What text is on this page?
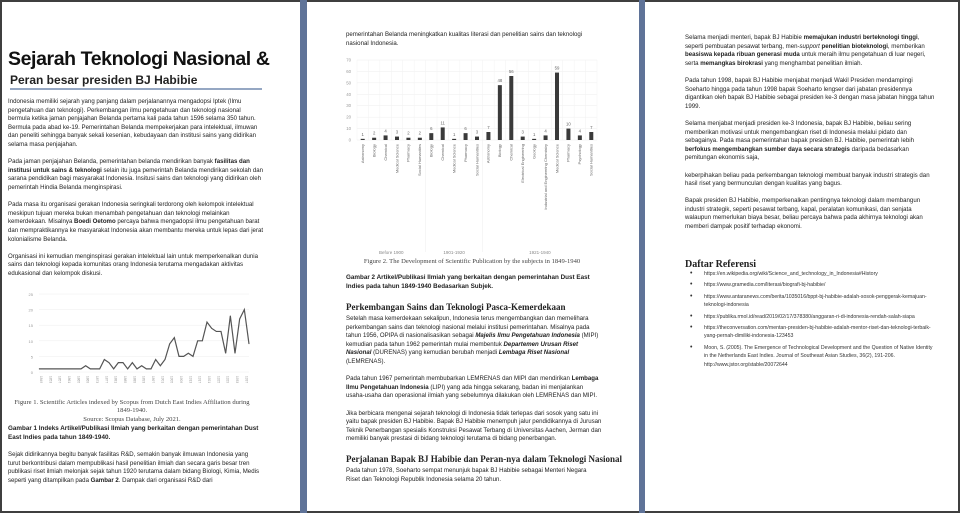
Sejarah Teknologi Nasional &
Peran besar presiden BJ Habibie

Indonesia memiliki sejarah yang panjang dalam perjalanannya mengadopsi Iptek (Ilmu pengetahuan dan teknologi). Perkembangan ilmu pengetahuan dan teknologi nasional bermula ketika jaman penjajahan Belanda pertama kali pada tahun 1596 selama 350 tahun. Bermula pada abad ke-19. Pemerintahan Belanda mempekerjakan para intelektual, ilmuwan dan peneliti sehingga banyak sekali kesenian, kebudayaan dan institusi sains yang didirikan selama masa penjajahan.

Pada jaman penjajahan Belanda, pemerintahan belanda mendirikan banyak fasilitas dan institusi untuk sains & teknologi selain itu juga pemerintah Belanda mendirikan sekolah dan sarana pendidikan bagi masyarakat Indonesia. Insitusi sains dan teknologi yang didirikan oleh pemerintah Hindia Belanda menginspirasi.

Pada masa itu organisasi gerakan Indonesia seringkali terdorong oleh kelompok intelektual meskipun tujuan mereka bukan menambah pengetahuan dan teknologi melainkan kemerdekaan. Misalnya Boedi Oetomo percaya bahwa mengadopsi ilmu pengetahuan barat dan mempraktikannya ke masyarakat Indonesia akan membantu mereka untuk lepas dari jerat kolonialisme Belanda.

Organisasi ini kemudian menginspirasi gerakan intelektual lain untuk memperkenalkan dunia sains dan teknologi kepada komunitas orang Indonesia terutama mengadakan aktivitas edukasional dan kelompok diskusi.

0
5
10
15
20
25
1849 1853 1857 1861 1865 1869 1873 1877 1881 1885 1889 1893 1897 1901 1905 1909 1913 1917 1921 1925 1929 1933 1937
Figure 1. Scientific Articles indexed by Scopus from Dutch East Indies Affiliation during 1849-1940.
Source: Scopus Database, July 2021.
Gambar 1 Indeks Artikel/Publikasi Ilmiah yang berkaitan dengan pemerintahan Dust East Indies pada tahun 1849-1940.

Sejak didirikannya begitu banyak fasilitas R&D, semakin banyak ilmuwan Indonesia yang turut berkontribusi dalam mempublikasi hasil penelitian ilmiah dan secara garis besar tren publikasi riset ilmiah melonjak sejak tahun 1920 terutama dalam bidang Biologi, Kimia, Medis seperti yang ditampilkan pada Gambar 2. Dampak dari organisasi R&D dari

pemerintahan Belanda meningkatkan kualitas literasi dan penelitian sains dan teknologi nasional Indonesia.
0
10
20
30
40
50
60
70
1
Astronomy
2
Biology
4
Chemical
3
Medical Science
2
Pharmacy
2
Social Humanities
6
Biology
11
Chemical
1
Medical Science
6
Pharmacy
3
Social Humanities
7
Astronomy
48
Biology
56
Chemical
3
Electrical Engineering
1
Geology
4
Industrial and Engineering Chemistry
59
Medical Science
10
Pharmacy
4
Psychology
7
Social Humanities
Before 1900	1901-1920	1921-1940
Figure 2. The Development of Scientific Publication by the subjects in 1849-1940
Gambar 2 Artikel/Publikasi Ilmiah yang berkaitan dengan pemerintahan Dust East Indies pada tahun 1849-1940 Bedasarkan Subjek.
Perkembangan Sains dan Teknologi Pasca-Kemerdekaan

Setelah masa kemerdekaan sekalipun, Indonesia terus mengembangkan dan memelihara perkembangan sains dan teknologi nasional melalui institusi pemerintahan. Misalnya pada tahun 1956, OPIPA di nasionalisasikan sebagai Majelis Ilmu Pengetahuan Indonesia (MIPI) kemudian pada tahun 1962 pemerintah mulai membentuk Departemen Urusan Riset Nasional (DURENAS) yang kemudian berubah menjadi Lembaga Riset Nasional (LEMRENAS).

Pada tahun 1967 pemerintah membubarkan LEMRENAS dan MIPI dan mendirikan Lembaga Ilmu Pengetahuan Indonesia (LIPI) yang ada hingga sekarang, badan ini menjalankan usaha-usaha dan operasional ilmiah yang sebelumnya dilakukan oleh LEMRENAS dan MIPI.

Jika berbicara mengenai sejarah teknologi di Indonesia tidak terlepas dari sosok yang satu ini yaitu bapak presiden BJ Habibie. Bapak BJ Habibie menempuh jalur pendidikannya di Jurusan Teknik Penerbangan spesialis Konstruksi Pesawat Terbang di Universitas Aachen, Jerman dan memiliki banyak prestasi di bidang teknologi terutama di bidang penerbangan.

Perjalanan Bapak BJ Habibie dan Peran-nya dalam Teknologi Nasional

Pada tahun 1978, Soeharto sempat menunjuk bapak BJ Habibie sebagai Menteri Negara Riset dan Teknologi Republik Indonesia selama 20 tahun.

Selama menjadi menteri, bapak BJ Habibie memajukan industri berteknologi tinggi, seperti pembuatan pesawat terbang, men-support penelitian bioteknologi, memberikan beasiswa kepada ribuan generasi muda untuk meraih ilmu pengetahuan di luar negeri, serta memangkas birokrasi yang menghambat penelitian ilmiah.

Pada tahun 1998, bapak BJ Habibie menjabat menjadi Wakil Presiden mendampingi Soeharto hingga pada tahun 1998 bapak Soeharto lengser dari jabatan presidennya digantikan oleh bapak BJ Habibie sebagai presiden ke-3 dengan masa jabatan hingga tahun 1999.

Selama menjabat menjadi presiden ke-3 Indonesia, bapak BJ Habibie, beliau sering memberikan motivasi untuk mengembangkan riset di Indonesia melalui pidato dan sebagainya. Pada masa pemerintahan bapak presiden BJ. Habibie, pemerintah lebih berfokus mengembangkan sumber daya secara strategis daripada bedasarkan pemitungan ekonomis saja,

keberpihakan beliau pada perkembangan teknologi membuat banyak industri strategis dan hasil riset yang bermunculan dengan kualitas yang bagus.

Bapak presiden BJ Habibie, memperkenalkan pentingnya teknologi dalam membangun industri strategik, seperti pesawat terbang, kapal, peralatan komunikasi, dan senjata walaupun memerlukan biaya besar, beliau percaya bahwa pada akhirnya teknologi akan memberi dampak positif terhadap ekonomi.

Daftar Referensi
• https://en.wikipedia.org/wiki/Science_and_technology_in_Indonesia#History
• https://www.gramedia.com/literasi/biografi-bj-habibie/
• https://www.antaranews.com/berita/1035016/bppt-bj-habibie-adalah-sosok-penggerak-kemajuan-teknologi-indonesia
• https://publika.rmol.id/read/2019/02/17/378380/anggaran-ri-di-indonesia-rendah-salah-siapa
• https://theconversation.com/mentan-presiden-bj-habibie-adalah-mentor-riset-dan-teknologi-terbaik-yang-pernah-dimiliki-indonesia-123453
• Moon, S. (2005). The Emergence of Technological Development and the Question of Native Identity in the Netherlands East Indies. Journal of Southeast Asian Studies, 36(2), 191-206. http://www.jstor.org/stable/20072644
